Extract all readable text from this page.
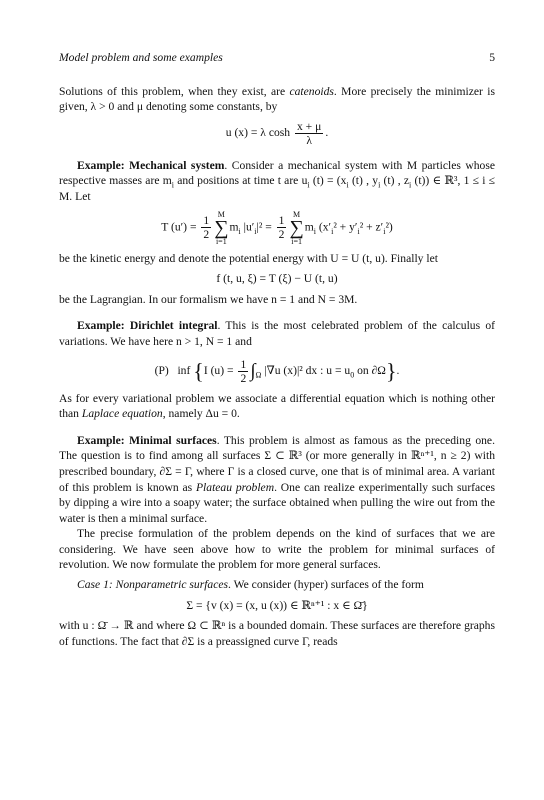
Model problem and some examples	5

Solutions of this problem, when they exist, are catenoids. More precisely the minimizer is given, λ > 0 and μ denoting some constants, by

u (x) = λ $\cosh \frac{x + \mu}{\lambda}$ .

Example: Mechanical system. Consider a mechanical system with M particles whose respective masses are $m_i$ and positions at time t are $u_i$ $(t) = (x_i$ (t) , $y_i$ (t) , $z_i$ (t)) ∈ ℝ³, 1 ≤ i ≤ M. Let

T $(u') = \frac{1}{2}$ M
∑
i=1
$m_i$ $|u'_i|^2 = \frac{1}{2}$ M
∑
i=1
$m_i$ $(x'_i^2 + y'_i^2 + z'_i^2)$

be the kinetic energy and denote the potential energy with U = U (t, u). Finally let

f (t, u, ξ) = T (ξ) − U (t, u)

be the Lagrangian. In our formalism we have n = 1 and N = 3M.

Example: Dirichlet integral. This is the most celebrated problem of the calculus of variations. We have here n > 1, N = 1 and

(P) inf {I $(u) = \frac{1}{2} \int_\Omega$ |∇u (x)|² dx : $u = u_0$ on ∂Ω}.

As for every variational problem we associate a differential equation which is nothing other than Laplace equation, namely Δu = 0.

Example: Minimal surfaces. This problem is almost as famous as the preceding one. The question is to find among all surfaces Σ ⊂ ℝ³ (or more generally in ℝⁿ⁺¹, n ≥ 2) with prescribed boundary, ∂Σ = Γ, where Γ is a closed curve, one that is of minimal area. A variant of this problem is known as Plateau problem. One can realize experimentally such surfaces by dipping a wire into a soapy water; the surface obtained when pulling the wire out from the water is then a minimal surface.

The precise formulation of the problem depends on the kind of surfaces that we are considering. We have seen above how to write the problem for minimal surfaces of revolution. We now formulate the problem for more general surfaces.

Case 1: Nonparametric surfaces. We consider (hyper) surfaces of the form

Σ = {v (x) = (x, u (x)) ∈ ℝⁿ⁺¹ : x ∈ Ω̄}

with u : Ω̄ → ℝ and where Ω ⊂ ℝⁿ is a bounded domain. These surfaces are therefore graphs of functions. The fact that ∂Σ is a preassigned curve Γ, reads
